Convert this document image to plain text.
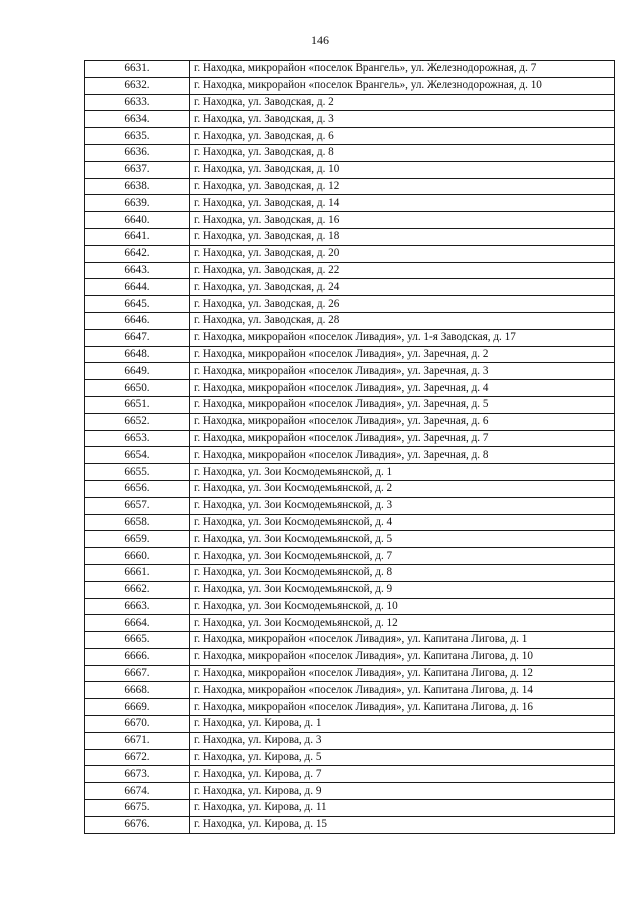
146
6631.	г. Находка, микрорайон «поселок Врангель», ул. Железнодорожная, д. 7
6632.	г. Находка, микрорайон «поселок Врангель», ул. Железнодорожная, д. 10
6633.	г. Находка, ул. Заводская, д. 2
6634.	г. Находка, ул. Заводская, д. 3
6635.	г. Находка, ул. Заводская, д. 6
6636.	г. Находка, ул. Заводская, д. 8
6637.	г. Находка, ул. Заводская, д. 10
6638.	г. Находка, ул. Заводская, д. 12
6639.	г. Находка, ул. Заводская, д. 14
6640.	г. Находка, ул. Заводская, д. 16
6641.	г. Находка, ул. Заводская, д. 18
6642.	г. Находка, ул. Заводская, д. 20
6643.	г. Находка, ул. Заводская, д. 22
6644.	г. Находка, ул. Заводская, д. 24
6645.	г. Находка, ул. Заводская, д. 26
6646.	г. Находка, ул. Заводская, д. 28
6647.	г. Находка, микрорайон «поселок Ливадия», ул. 1-я Заводская, д. 17
6648.	г. Находка, микрорайон «поселок Ливадия», ул. Заречная, д. 2
6649.	г. Находка, микрорайон «поселок Ливадия», ул. Заречная, д. 3
6650.	г. Находка, микрорайон «поселок Ливадия», ул. Заречная, д. 4
6651.	г. Находка, микрорайон «поселок Ливадия», ул. Заречная, д. 5
6652.	г. Находка, микрорайон «поселок Ливадия», ул. Заречная, д. 6
6653.	г. Находка, микрорайон «поселок Ливадия», ул. Заречная, д. 7
6654.	г. Находка, микрорайон «поселок Ливадия», ул. Заречная, д. 8
6655.	г. Находка, ул. Зои Космодемьянской, д. 1
6656.	г. Находка, ул. Зои Космодемьянской, д. 2
6657.	г. Находка, ул. Зои Космодемьянской, д. 3
6658.	г. Находка, ул. Зои Космодемьянской, д. 4
6659.	г. Находка, ул. Зои Космодемьянской, д. 5
6660.	г. Находка, ул. Зои Космодемьянской, д. 7
6661.	г. Находка, ул. Зои Космодемьянской, д. 8
6662.	г. Находка, ул. Зои Космодемьянской, д. 9
6663.	г. Находка, ул. Зои Космодемьянской, д. 10
6664.	г. Находка, ул. Зои Космодемьянской, д. 12
6665.	г. Находка, микрорайон «поселок Ливадия», ул. Капитана Лигова, д. 1
6666.	г. Находка, микрорайон «поселок Ливадия», ул. Капитана Лигова, д. 10
6667.	г. Находка, микрорайон «поселок Ливадия», ул. Капитана Лигова, д. 12
6668.	г. Находка, микрорайон «поселок Ливадия», ул. Капитана Лигова, д. 14
6669.	г. Находка, микрорайон «поселок Ливадия», ул. Капитана Лигова, д. 16
6670.	г. Находка, ул. Кирова, д. 1
6671.	г. Находка, ул. Кирова, д. 3
6672.	г. Находка, ул. Кирова, д. 5
6673.	г. Находка, ул. Кирова, д. 7
6674.	г. Находка, ул. Кирова, д. 9
6675.	г. Находка, ул. Кирова, д. 11
6676.	г. Находка, ул. Кирова, д. 15
